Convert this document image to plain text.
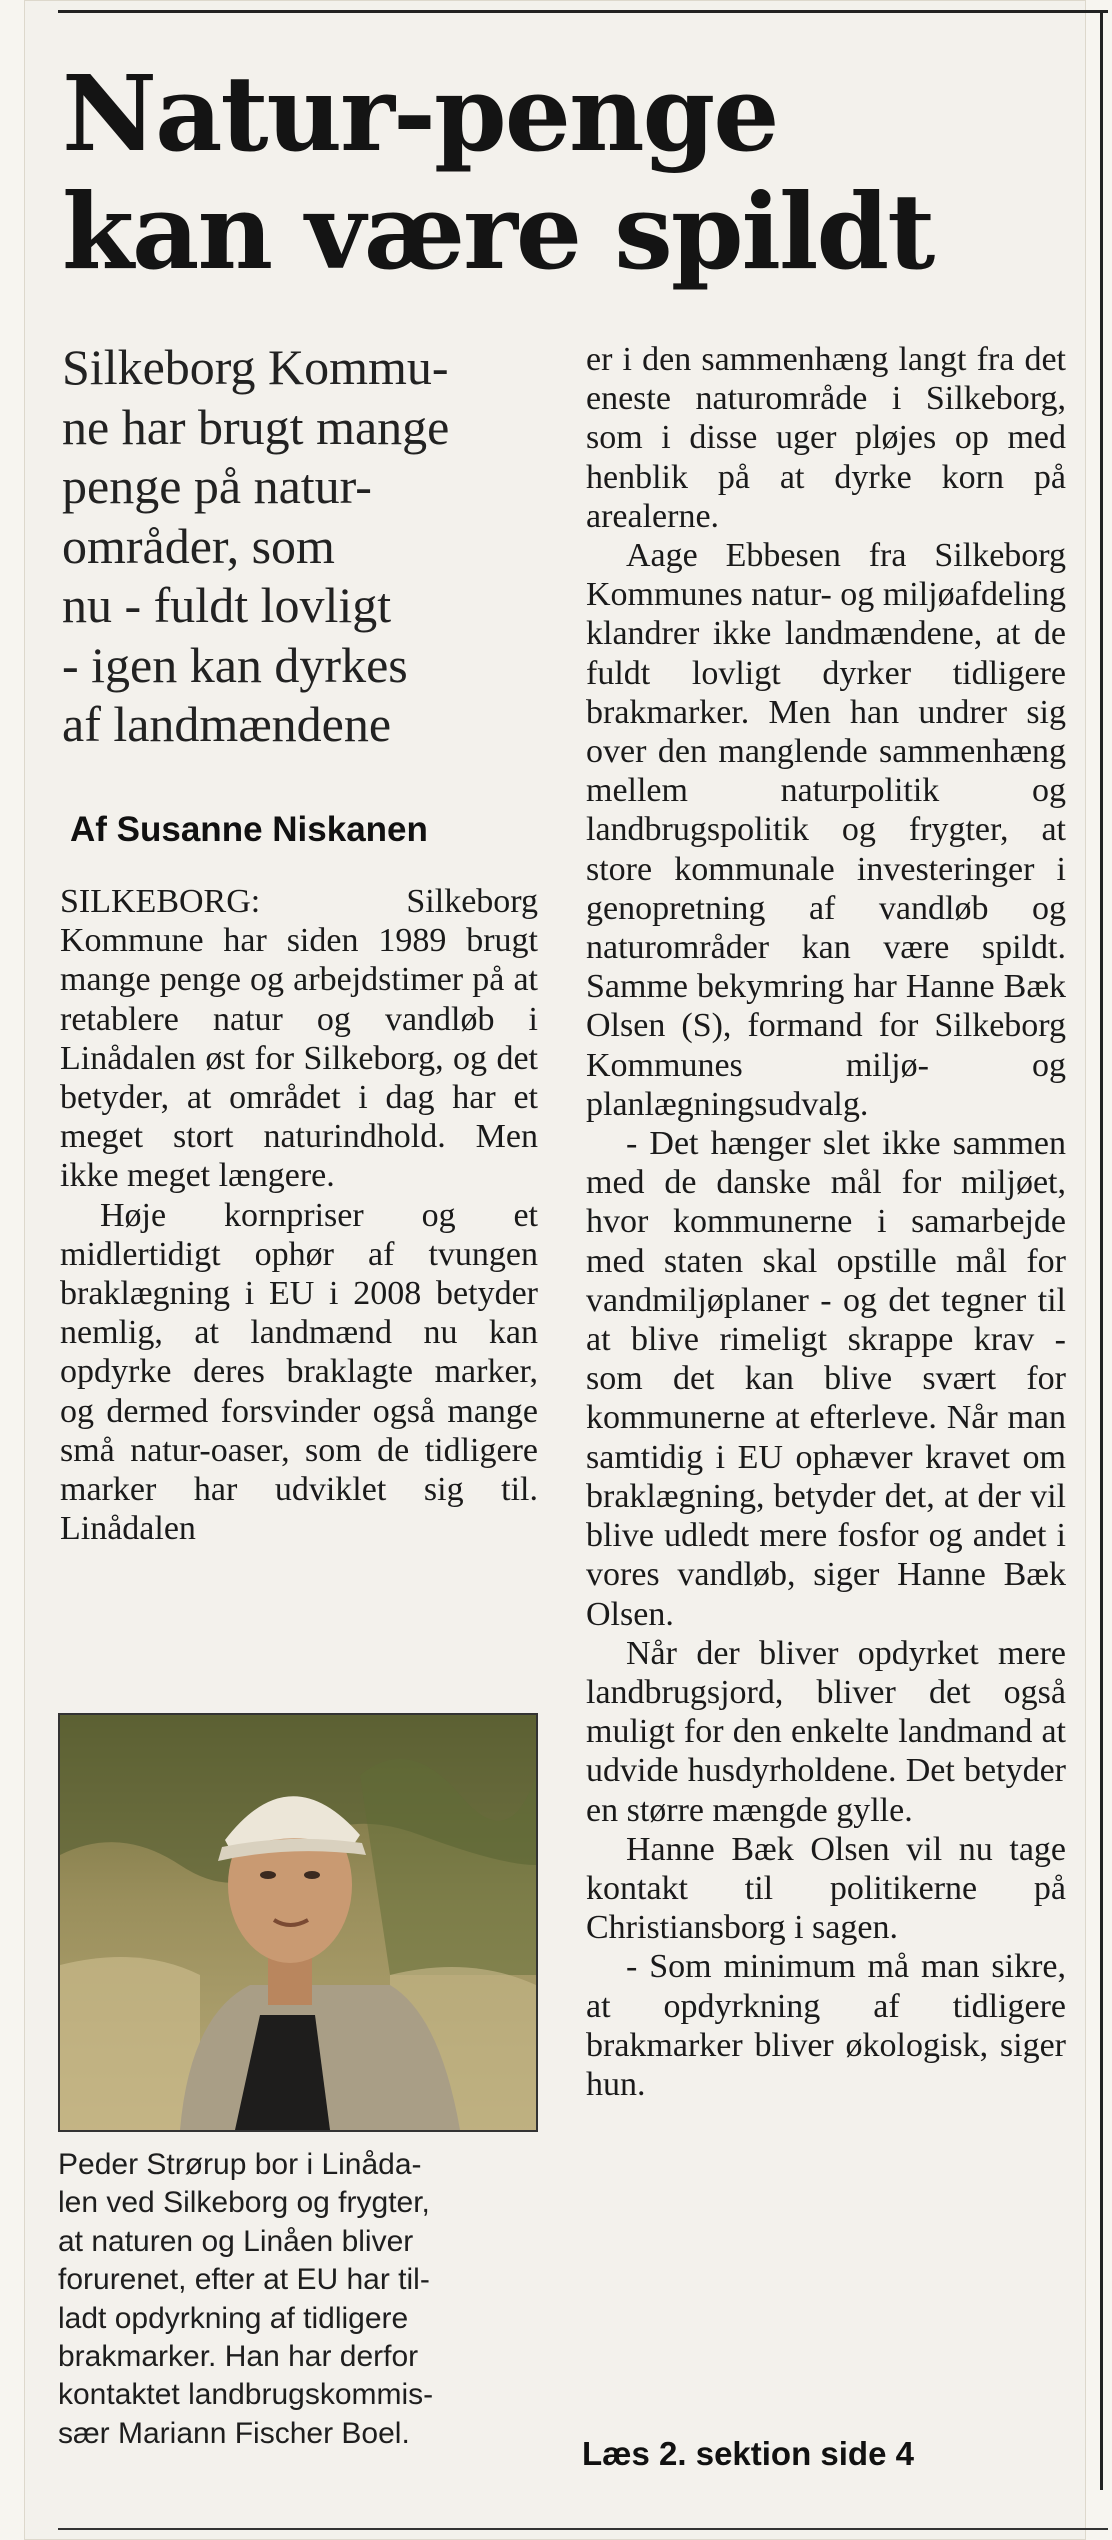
Natur-penge
kan være spildt
Silkeborg Kommu-
ne har brugt mange
penge på natur-
områder, som
nu - fuldt lovligt
- igen kan dyrkes
af landmændene
Af Susanne Niskanen

SILKEBORG: Silkeborg Kommune har siden 1989 brugt mange penge og arbejdstimer på at retablere natur og vandløb i Linådalen øst for Silkeborg, og det betyder, at området i dag har et meget stort naturindhold. Men ikke meget længere.

Høje kornpriser og et midlertidigt ophør af tvungen braklægning i EU i 2008 betyder nemlig, at landmænd nu kan opdyrke deres braklagte marker, og dermed forsvinder også mange små natur-oaser, som de tidligere marker har udviklet sig til. Linådalen

Peder Strørup bor i Linåda-
len ved Silkeborg og frygter,
at naturen og Linåen bliver
forurenet, efter at EU har til-
ladt opdyrkning af tidligere
brakmarker. Han har derfor
kontaktet landbrugskommis-
sær Mariann Fischer Boel.

er i den sammenhæng langt fra det eneste naturområde i Silkeborg, som i disse uger pløjes op med henblik på at dyrke korn på arealerne.

Aage Ebbesen fra Silkeborg Kommunes natur- og miljøafdeling klandrer ikke landmændene, at de fuldt lovligt dyrker tidligere brakmarker. Men han undrer sig over den manglende sammenhæng mellem naturpolitik og landbrugspolitik og frygter, at store kommunale investeringer i genopretning af vandløb og naturområder kan være spildt. Samme bekymring har Hanne Bæk Olsen (S), formand for Silkeborg Kommunes miljø- og planlægningsudvalg.

- Det hænger slet ikke sammen med de danske mål for miljøet, hvor kommunerne i samarbejde med staten skal opstille mål for vandmiljøplaner - og det tegner til at blive rimeligt skrappe krav - som det kan blive svært for kommunerne at efterleve. Når man samtidig i EU ophæver kravet om braklægning, betyder det, at der vil blive udledt mere fosfor og andet i vores vandløb, siger Hanne Bæk Olsen.

Når der bliver opdyrket mere landbrugsjord, bliver det også muligt for den enkelte landmand at udvide husdyrholdene. Det betyder en større mængde gylle.

Hanne Bæk Olsen vil nu tage kontakt til politikerne på Christiansborg i sagen.

- Som minimum må man sikre, at opdyrkning af tidligere brakmarker bliver økologisk, siger hun.

Læs 2. sektion side 4
